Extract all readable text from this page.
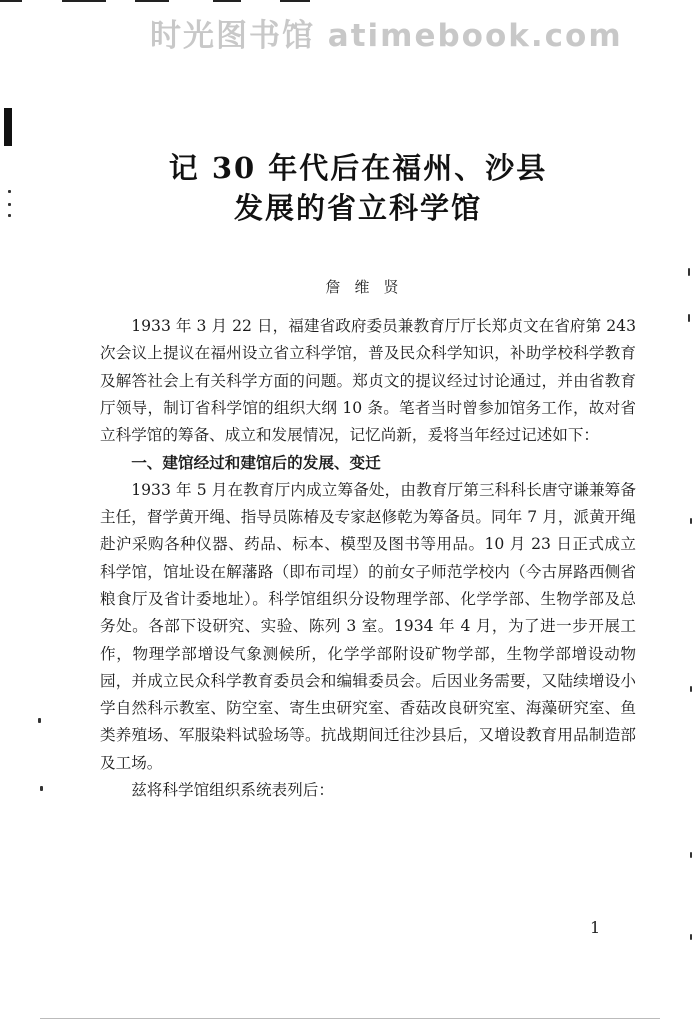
时光图书馆 atimebook.com
记 30 年代后在福州、沙县
发展的省立科学馆
詹维贤

1933 年 3 月 22 日，福建省政府委员兼教育厅厅长郑贞文在省府第 243 次会议上提议在福州设立省立科学馆，普及民众科学知识，补助学校科学教育及解答社会上有关科学方面的问题。郑贞文的提议经过讨论通过，并由省教育厅领导，制订省科学馆的组织大纲 10 条。笔者当时曾参加馆务工作，故对省立科学馆的筹备、成立和发展情况，记忆尚新，爰将当年经过记述如下：

一、建馆经过和建馆后的发展、变迁

1933 年 5 月在教育厅内成立筹备处，由教育厅第三科科长唐守谦兼筹备主任，督学黄开绳、指导员陈椿及专家赵修乾为筹备员。同年 7 月，派黄开绳赴沪采购各种仪器、药品、标本、模型及图书等用品。10 月 23 日正式成立科学馆，馆址设在解藩路（即布司埕）的前女子师范学校内（今古屏路西侧省粮食厅及省计委地址）。科学馆组织分设物理学部、化学学部、生物学部及总务处。各部下设研究、实验、陈列 3 室。1934 年 4 月，为了进一步开展工作，物理学部增设气象测候所，化学学部附设矿物学部，生物学部增设动物园，并成立民众科学教育委员会和编辑委员会。后因业务需要，又陆续增设小学自然科示教室、防空室、寄生虫研究室、香菇改良研究室、海藻研究室、鱼类养殖场、军服染料试验场等。抗战期间迁往沙县后，又增设教育用品制造部及工场。

兹将科学馆组织系统表列后：

1
